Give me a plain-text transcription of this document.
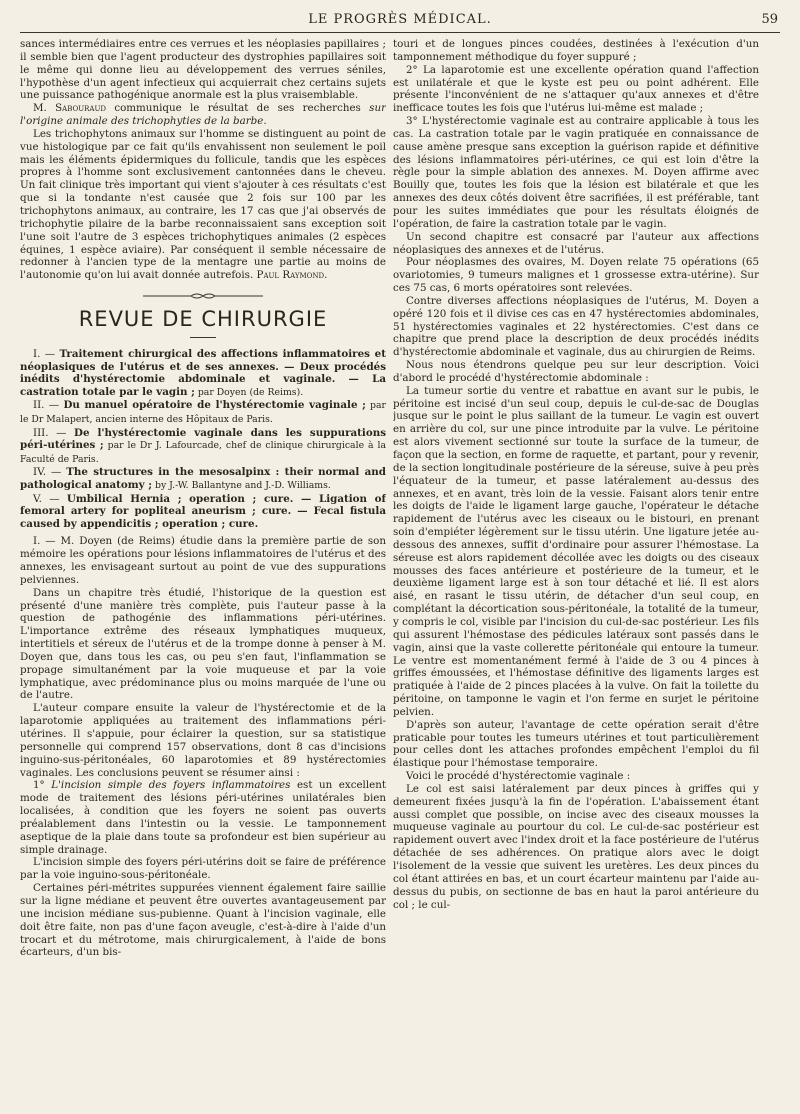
LE PROGRÈS MÉDICAL.	59

sances intermédiaires entre ces verrues et les néoplasies papillaires ; il semble bien que l'agent producteur des dystrophies papillaires soit le même qui donne lieu au développement des verrues séniles, l'hypothèse d'un agent infectieux qui acquierrait chez certains sujets une puissance pathogénique anormale est la plus vraisemblable.

M. Sabouraud communique le résultat de ses recherches sur l'origine animale des trichophyties de la barbe.

Les trichophytons animaux sur l'homme se distinguent au point de vue histologique par ce fait qu'ils envahissent non seulement le poil mais les éléments épidermiques du follicule, tandis que les espèces propres à l'homme sont exclusivement cantonnées dans le cheveu. Un fait clinique très important qui vient s'ajouter à ces résultats c'est que si la tondante n'est causée que 2 fois sur 100 par les trichophytons animaux, au contraire, les 17 cas que j'ai observés de trichophytie pilaire de la barbe reconnaissaient sans exception soit l'une soit l'autre de 3 espèces trichophytiques animales (2 espèces équines, 1 espèce aviaire). Par conséquent il semble nécessaire de redonner à l'ancien type de la mentagre une partie au moins de l'autonomie qu'on lui avait donnée autrefois. Paul Raymond.

REVUE DE CHIRURGIE

I. — Traitement chirurgical des affections inflammatoires et néoplasiques de l'utérus et de ses annexes. — Deux procédés inédits d'hystérectomie abdominale et vaginale. — La castration totale par le vagin ; par Doyen (de Reims).

II. — Du manuel opératoire de l'hystérectomie vaginale ; par le Dr Malapert, ancien interne des Hôpitaux de Paris.

III. — De l'hystérectomie vaginale dans les suppurations péri-utérines ; par le Dr J. Lafourcade, chef de clinique chirurgicale à la Faculté de Paris.

IV. — The structures in the mesosalpinx : their normal and pathological anatomy ; by J.-W. Ballantyne and J.-D. Williams.

V. — Umbilical Hernia ; operation ; cure. — Ligation of femoral artery for popliteal aneurism ; cure. — Fecal fistula caused by appendicitis ; operation ; cure.

I. — M. Doyen (de Reims) étudie dans la première partie de son mémoire les opérations pour lésions inflammatoires de l'utérus et des annexes, les envisageant surtout au point de vue des suppurations pelviennes.

Dans un chapitre très étudié, l'historique de la question est présenté d'une manière très complète, puis l'auteur passe à la question de pathogénie des inflammations péri-utérines. L'importance extrême des réseaux lymphatiques muqueux, intertitiels et séreux de l'utérus et de la trompe donne à penser à M. Doyen que, dans tous les cas, ou peu s'en faut, l'inflammation se propage simultanément par la voie muqueuse et par la voie lymphatique, avec prédominance plus ou moins marquée de l'une ou de l'autre.

L'auteur compare ensuite la valeur de l'hystérectomie et de la laparotomie appliquées au traitement des inflammations péri-utérines. Il s'appuie, pour éclairer la question, sur sa statistique personnelle qui comprend 157 observations, dont 8 cas d'incisions inguino-sus-péritonéales, 60 laparotomies et 89 hystérectomies vaginales. Les conclusions peuvent se résumer ainsi :

1° L'incision simple des foyers inflammatoires est un excellent mode de traitement des lésions péri-utérines unilatérales bien localisées, à condition que les foyers ne soient pas ouverts préalablement dans l'intestin ou la vessie. Le tamponnement aseptique de la plaie dans toute sa profondeur est bien supérieur au simple drainage.

L'incision simple des foyers péri-utérins doit se faire de préférence par la voie inguino-sous-péritonéale.

Certaines péri-métrites suppurées viennent également faire saillie sur la ligne médiane et peuvent être ouvertes avantageusement par une incision médiane sus-pubienne. Quant à l'incision vaginale, elle doit être faite, non pas d'une façon aveugle, c'est-à-dire à l'aide d'un trocart et du métrotome, mais chirurgicalement, à l'aide de bons écarteurs, d'un bis-

touri et de longues pinces coudées, destinées à l'exécution d'un tamponnement méthodique du foyer suppuré ;

2° La laparotomie est une excellente opération quand l'affection est unilatérale et que le kyste est peu ou point adhérent. Elle présente l'inconvénient de ne s'attaquer qu'aux annexes et d'être inefficace toutes les fois que l'utérus lui-même est malade ;

3° L'hystérectomie vaginale est au contraire applicable à tous les cas. La castration totale par le vagin pratiquée en connaissance de cause amène presque sans exception la guérison rapide et définitive des lésions inflammatoires péri-utérines, ce qui est loin d'être la règle pour la simple ablation des annexes. M. Doyen affirme avec Bouilly que, toutes les fois que la lésion est bilatérale et que les annexes des deux côtés doivent être sacrifiées, il est préférable, tant pour les suites immédiates que pour les résultats éloignés de l'opération, de faire la castration totale par le vagin.

Un second chapitre est consacré par l'auteur aux affections néoplasiques des annexes et de l'utérus.

Pour néoplasmes des ovaires, M. Doyen relate 75 opérations (65 ovariotomies, 9 tumeurs malignes et 1 grossesse extra-utérine). Sur ces 75 cas, 6 morts opératoires sont relevées.

Contre diverses affections néoplasiques de l'utérus, M. Doyen a opéré 120 fois et il divise ces cas en 47 hystérectomies abdominales, 51 hystérectomies vaginales et 22 hystérectomies. C'est dans ce chapitre que prend place la description de deux procédés inédits d'hystérectomie abdominale et vaginale, dus au chirurgien de Reims.

Nous nous étendrons quelque peu sur leur description. Voici d'abord le procédé d'hystérectomie abdominale :

La tumeur sortie du ventre et rabattue en avant sur le pubis, le péritoine est incisé d'un seul coup, depuis le cul-de-sac de Douglas jusque sur le point le plus saillant de la tumeur. Le vagin est ouvert en arrière du col, sur une pince introduite par la vulve. Le péritoine est alors vivement sectionné sur toute la surface de la tumeur, de façon que la section, en forme de raquette, et partant, pour y revenir, de la section longitudinale postérieure de la séreuse, suive à peu près l'équateur de la tumeur, et passe latéralement au-dessus des annexes, et en avant, très loin de la vessie. Faisant alors tenir entre les doigts de l'aide le ligament large gauche, l'opérateur le détache rapidement de l'utérus avec les ciseaux ou le bistouri, en prenant soin d'empiéter légèrement sur le tissu utérin. Une ligature jetée au-dessous des annexes, suffit d'ordinaire pour assurer l'hémostase. La séreuse est alors rapidement décollée avec les doigts ou des ciseaux mousses des faces antérieure et postérieure de la tumeur, et le deuxième ligament large est à son tour détaché et lié. Il est alors aisé, en rasant le tissu utérin, de détacher d'un seul coup, en complétant la décortication sous-péritonéale, la totalité de la tumeur, y compris le col, visible par l'incision du cul-de-sac postérieur. Les fils qui assurent l'hémostase des pédicules latéraux sont passés dans le vagin, ainsi que la vaste collerette péritonéale qui entoure la tumeur. Le ventre est momentanément fermé à l'aide de 3 ou 4 pinces à griffes émoussées, et l'hémostase définitive des ligaments larges est pratiquée à l'aide de 2 pinces placées à la vulve. On fait la toilette du péritoine, on tamponne le vagin et l'on ferme en surjet le péritoine pelvien.

D'après son auteur, l'avantage de cette opération serait d'être praticable pour toutes les tumeurs utérines et tout particulièrement pour celles dont les attaches profondes empêchent l'emploi du fil élastique pour l'hémostase temporaire.

Voici le procédé d'hystérectomie vaginale :

Le col est saisi latéralement par deux pinces à griffes qui y demeurent fixées jusqu'à la fin de l'opération. L'abaissement étant aussi complet que possible, on incise avec des ciseaux mousses la muqueuse vaginale au pourtour du col. Le cul-de-sac postérieur est rapidement ouvert avec l'index droit et la face postérieure de l'utérus détachée de ses adhérences. On pratique alors avec le doigt l'isolement de la vessie que suivent les uretères. Les deux pinces du col étant attirées en bas, et un court écarteur maintenu par l'aide au-dessus du pubis, on sectionne de bas en haut la paroi antérieure du col ; le cul-
